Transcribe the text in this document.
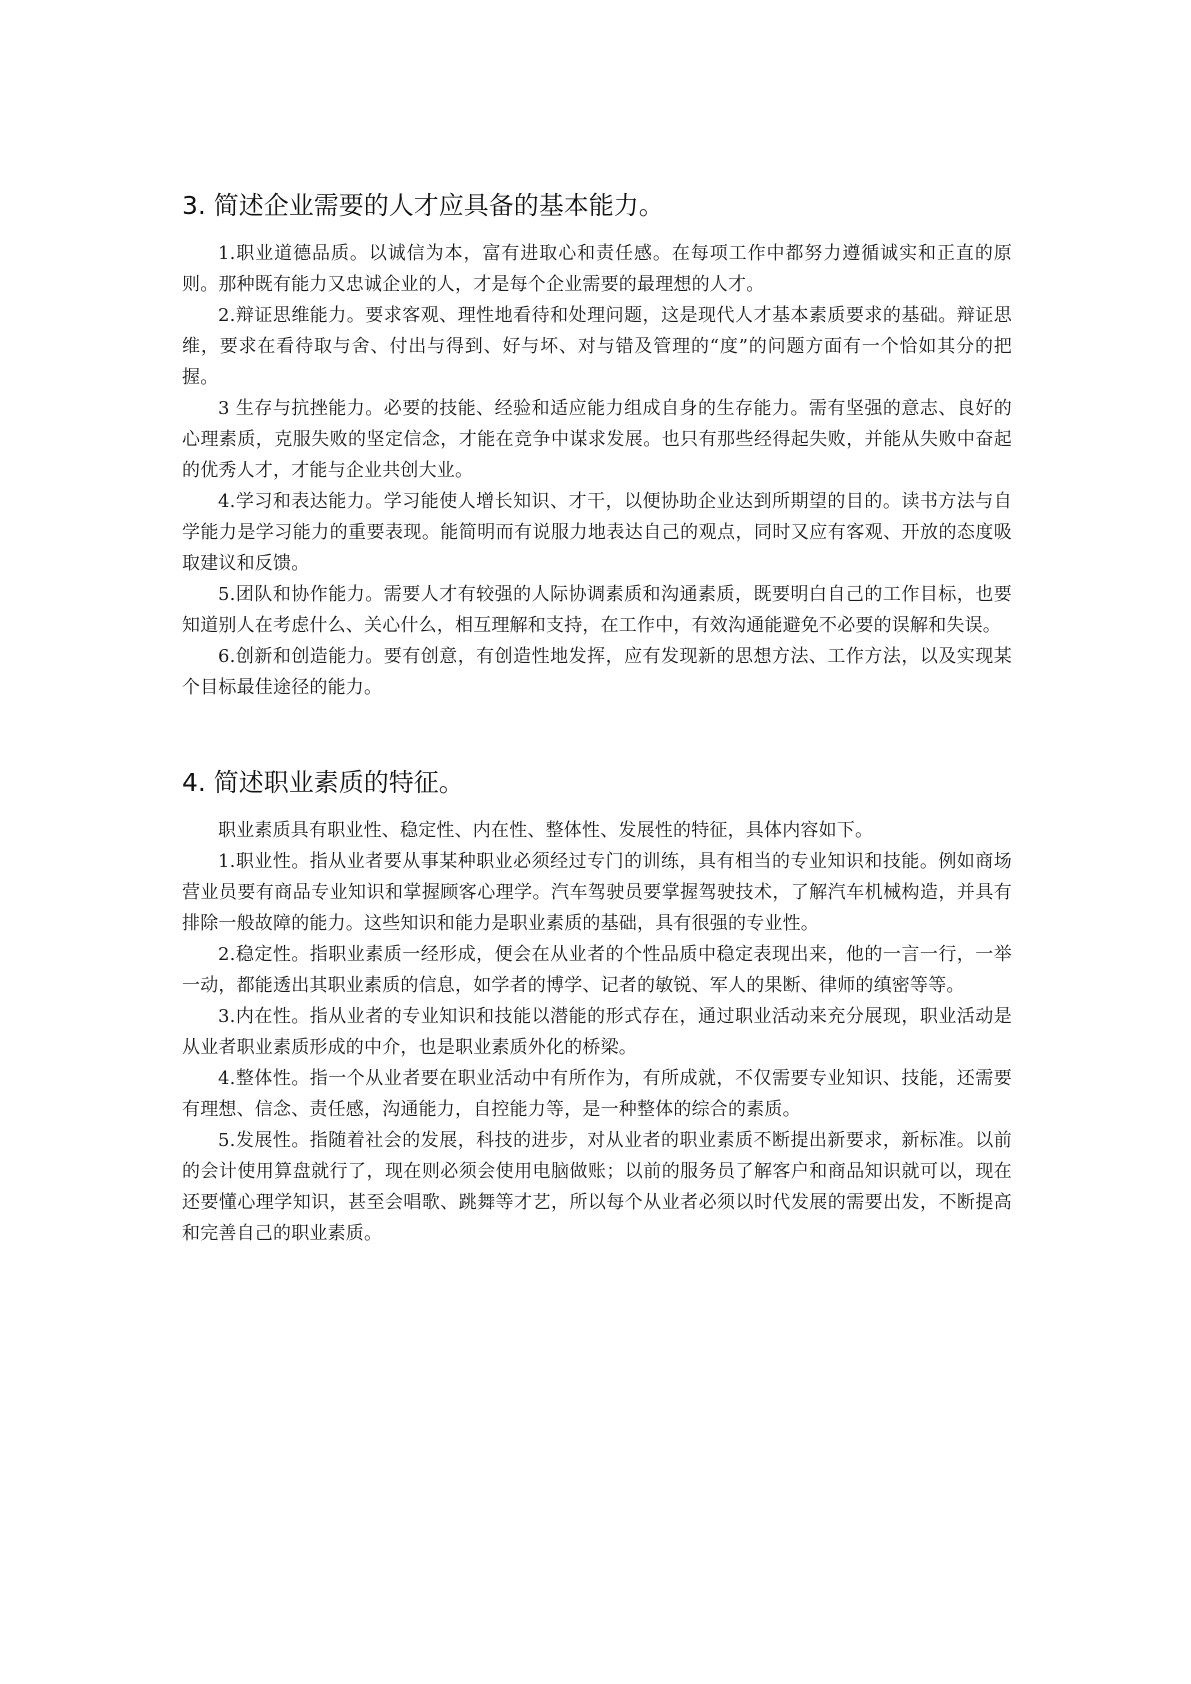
3. 简述企业需要的人才应具备的基本能力。

1.职业道德品质。以诚信为本，富有进取心和责任感。在每项工作中都努力遵循诚实和正直的原则。那种既有能力又忠诚企业的人，才是每个企业需要的最理想的人才。

2.辩证思维能力。要求客观、理性地看待和处理问题，这是现代人才基本素质要求的基础。辩证思维，要求在看待取与舍、付出与得到、好与坏、对与错及管理的“度”的问题方面有一个恰如其分的把握。

3 生存与抗挫能力。必要的技能、经验和适应能力组成自身的生存能力。需有坚强的意志、良好的心理素质，克服失败的坚定信念，才能在竞争中谋求发展。也只有那些经得起失败，并能从失败中奋起的优秀人才，才能与企业共创大业。

4.学习和表达能力。学习能使人增长知识、才干，以便协助企业达到所期望的目的。读书方法与自学能力是学习能力的重要表现。能简明而有说服力地表达自己的观点，同时又应有客观、开放的态度吸取建议和反馈。

5.团队和协作能力。需要人才有较强的人际协调素质和沟通素质，既要明白自己的工作目标，也要知道别人在考虑什么、关心什么，相互理解和支持，在工作中，有效沟通能避免不必要的误解和失误。

6.创新和创造能力。要有创意，有创造性地发挥，应有发现新的思想方法、工作方法，以及实现某个目标最佳途径的能力。

4. 简述职业素质的特征。

职业素质具有职业性、稳定性、内在性、整体性、发展性的特征，具体内容如下。

1.职业性。指从业者要从事某种职业必须经过专门的训练，具有相当的专业知识和技能。例如商场营业员要有商品专业知识和掌握顾客心理学。汽车驾驶员要掌握驾驶技术，了解汽车机械构造，并具有排除一般故障的能力。这些知识和能力是职业素质的基础，具有很强的专业性。

2.稳定性。指职业素质一经形成，便会在从业者的个性品质中稳定表现出来，他的一言一行，一举一动，都能透出其职业素质的信息，如学者的博学、记者的敏锐、军人的果断、律师的缜密等等。

3.内在性。指从业者的专业知识和技能以潜能的形式存在，通过职业活动来充分展现，职业活动是从业者职业素质形成的中介，也是职业素质外化的桥梁。

4.整体性。指一个从业者要在职业活动中有所作为，有所成就，不仅需要专业知识、技能，还需要有理想、信念、责任感，沟通能力，自控能力等，是一种整体的综合的素质。

5.发展性。指随着社会的发展，科技的进步，对从业者的职业素质不断提出新要求，新标准。以前的会计使用算盘就行了，现在则必须会使用电脑做账；以前的服务员了解客户和商品知识就可以，现在还要懂心理学知识，甚至会唱歌、跳舞等才艺，所以每个从业者必须以时代发展的需要出发，不断提高和完善自己的职业素质。
